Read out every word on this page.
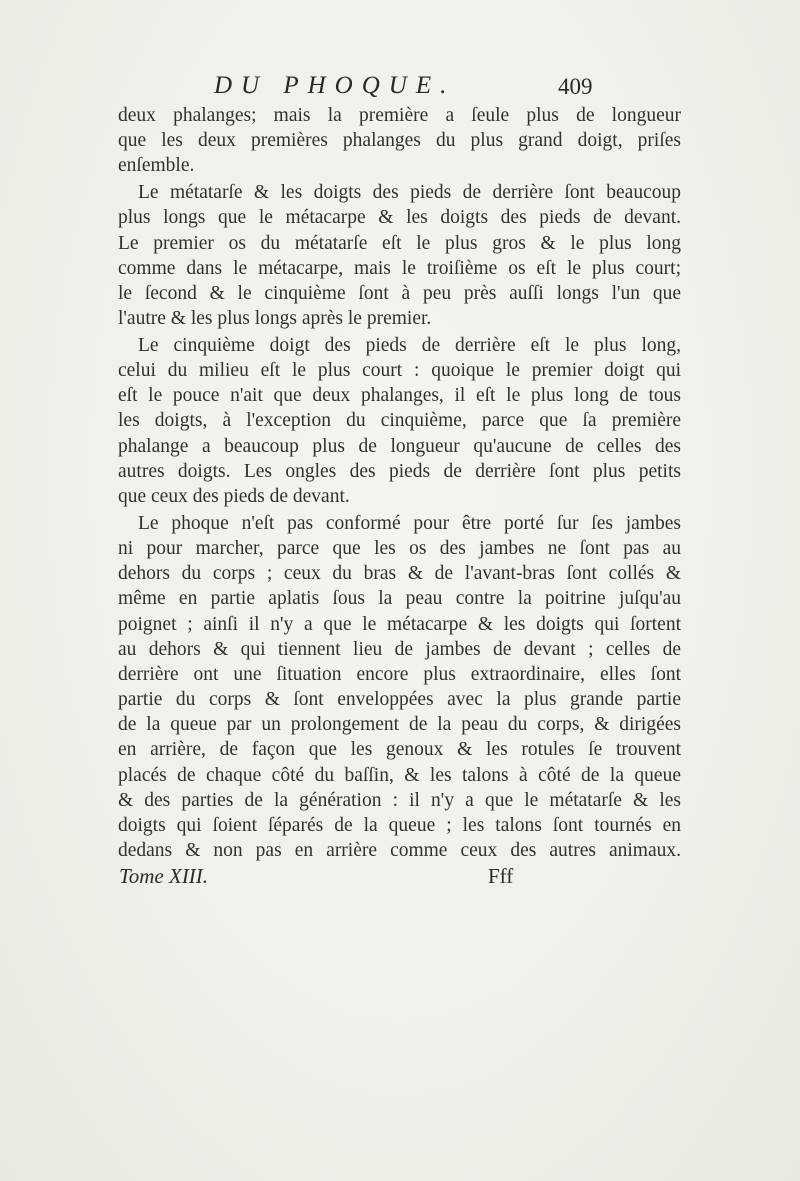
DU PHOQUE.	409
deux phalanges; mais la première a ſeule plus de longueur
que les deux premières phalanges du plus grand doigt, priſes
enſemble.
Le métatarſe & les doigts des pieds de derrière ſont beaucoup
plus longs que le métacarpe & les doigts des pieds de devant.
Le premier os du métatarſe eſt le plus gros & le plus long
comme dans le métacarpe, mais le troiſième os eſt le plus court;
le ſecond & le cinquième ſont à peu près auſſi longs l'un que
l'autre & les plus longs après le premier.
Le cinquième doigt des pieds de derrière eſt le plus long,
celui du milieu eſt le plus court : quoique le premier doigt qui
eſt le pouce n'ait que deux phalanges, il eſt le plus long de tous
les doigts, à l'exception du cinquième, parce que ſa première
phalange a beaucoup plus de longueur qu'aucune de celles des
autres doigts. Les ongles des pieds de derrière ſont plus petits
que ceux des pieds de devant.
Le phoque n'eſt pas conformé pour être porté ſur ſes jambes
ni pour marcher, parce que les os des jambes ne ſont pas au
dehors du corps ; ceux du bras & de l'avant-bras ſont collés &
même en partie aplatis ſous la peau contre la poitrine juſqu'au
poignet ; ainſi il n'y a que le métacarpe & les doigts qui ſortent
au dehors & qui tiennent lieu de jambes de devant ; celles de
derrière ont une ſituation encore plus extraordinaire, elles ſont
partie du corps & ſont enveloppées avec la plus grande partie
de la queue par un prolongement de la peau du corps, & dirigées
en arrière, de façon que les genoux & les rotules ſe trouvent
placés de chaque côté du baſſin, & les talons à côté de la queue
& des parties de la génération : il n'y a que le métatarſe & les
doigts qui ſoient ſéparés de la queue ; les talons ſont tournés en
dedans & non pas en arrière comme ceux des autres animaux.
Tome XIII.	Fff
